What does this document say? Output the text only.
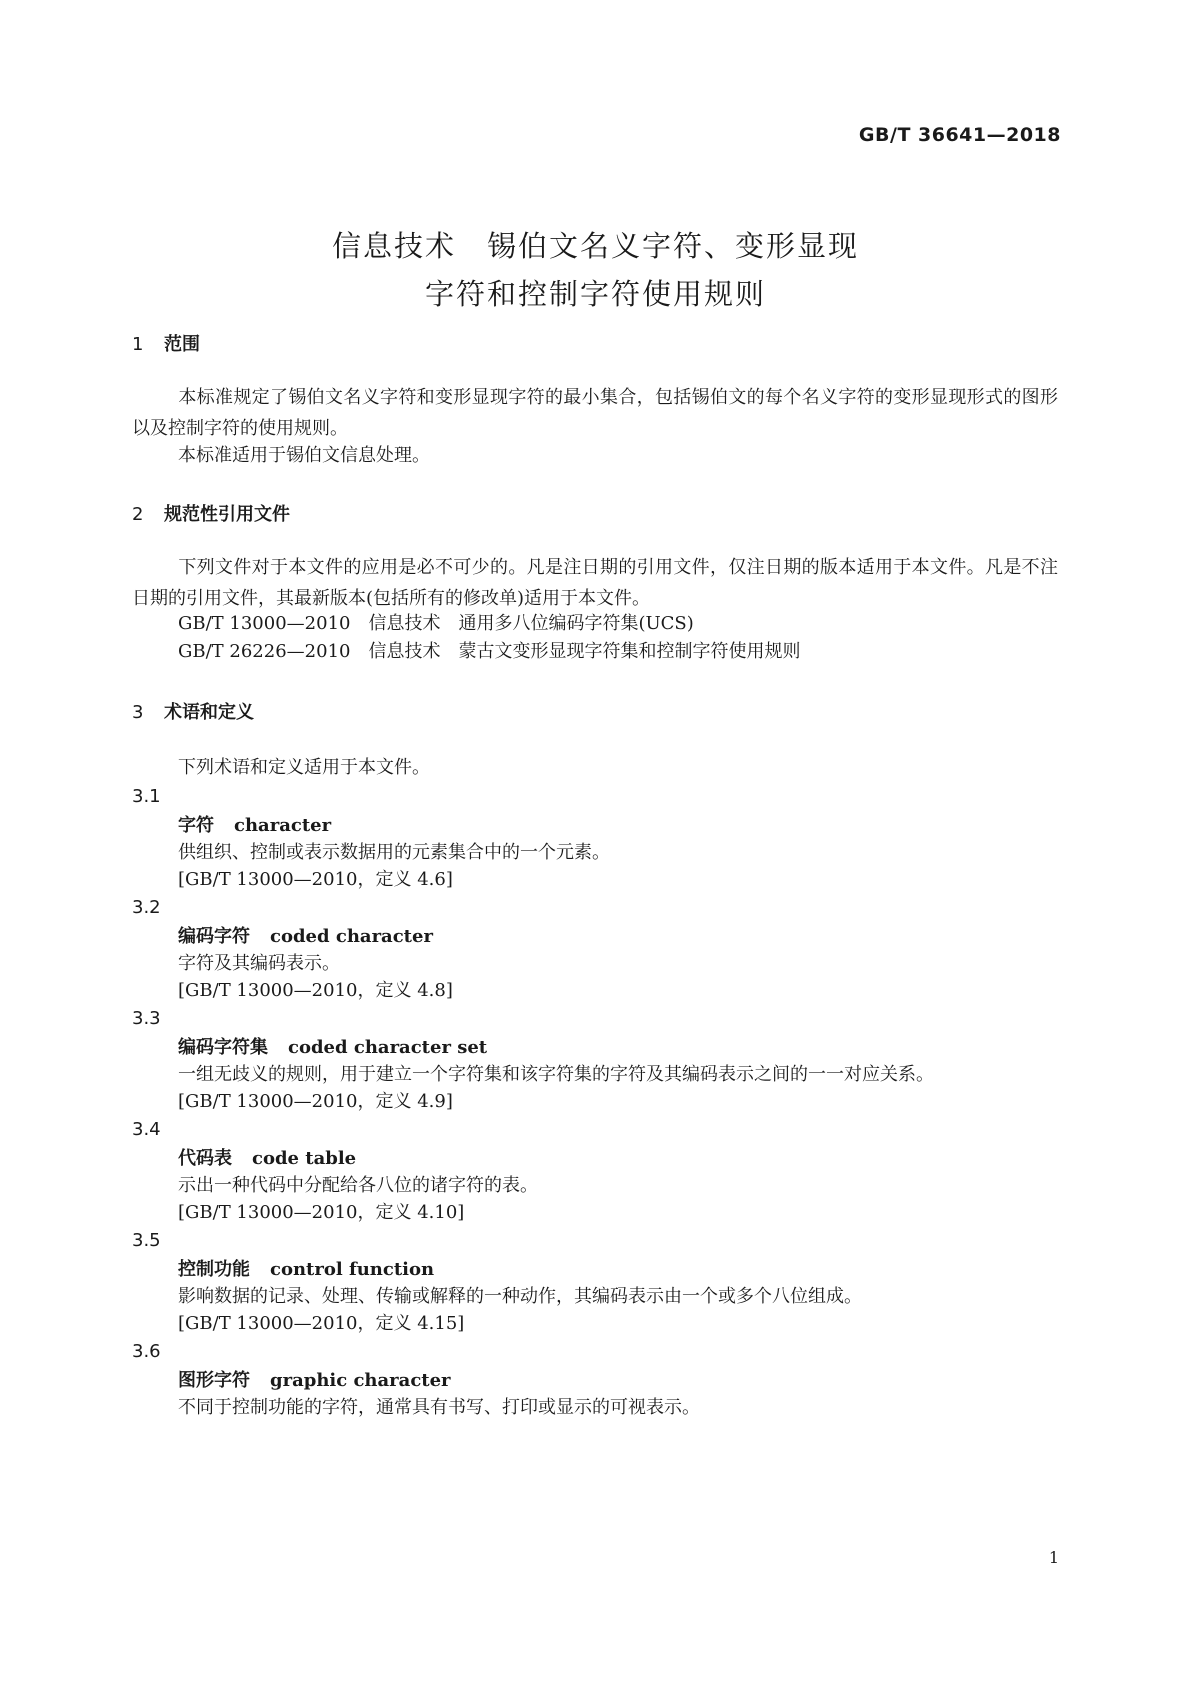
GB/T 36641—2018
信息技术　锡伯文名义字符、变形显现
字符和控制字符使用规则
1 范围
本标准规定了锡伯文名义字符和变形显现字符的最小集合，包括锡伯文的每个名义字符的变形显现形式的图形以及控制字符的使用规则。
本标准适用于锡伯文信息处理。
2 规范性引用文件
下列文件对于本文件的应用是必不可少的。凡是注日期的引用文件，仅注日期的版本适用于本文件。凡是不注日期的引用文件，其最新版本(包括所有的修改单)适用于本文件。
GB/T 13000—2010　信息技术　通用多八位编码字符集(UCS)
GB/T 26226—2010　信息技术　蒙古文变形显现字符集和控制字符使用规则
3 术语和定义
下列术语和定义适用于本文件。
3.1
字符 character
供组织、控制或表示数据用的元素集合中的一个元素。
[GB/T 13000—2010，定义 4.6]
3.2
编码字符 coded character
字符及其编码表示。
[GB/T 13000—2010，定义 4.8]
3.3
编码字符集 coded character set
一组无歧义的规则，用于建立一个字符集和该字符集的字符及其编码表示之间的一一对应关系。
[GB/T 13000—2010，定义 4.9]
3.4
代码表 code table
示出一种代码中分配给各八位的诸字符的表。
[GB/T 13000—2010，定义 4.10]
3.5
控制功能 control function
影响数据的记录、处理、传输或解释的一种动作，其编码表示由一个或多个八位组成。
[GB/T 13000—2010，定义 4.15]
3.6
图形字符 graphic character
不同于控制功能的字符，通常具有书写、打印或显示的可视表示。
1
